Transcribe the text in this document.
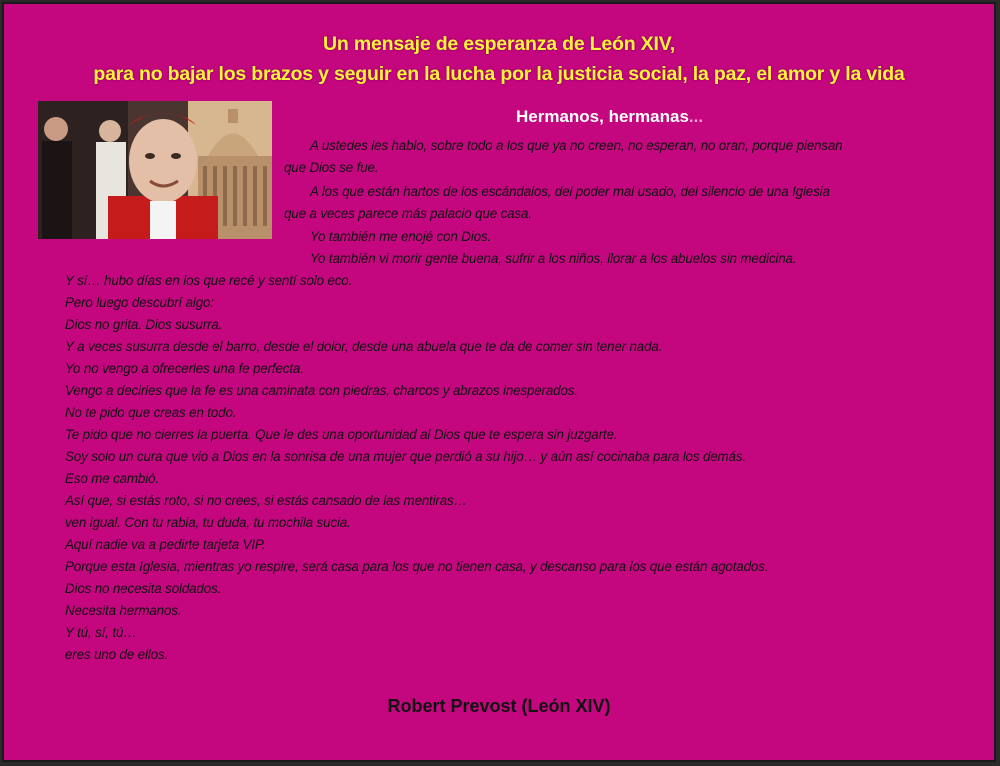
Un mensaje de esperanza de León XIV,
para no bajar los brazos y seguir en la lucha por la justicia social, la paz, el amor y la vida
Hermanos, hermanas...
A ustedes les hablo, sobre todo a los que ya no creen, no esperan, no oran, porque piensan
que Dios se fue.
A los que están hartos de los escándalos, del poder mal usado, del silencio de una Iglesia
que a veces parece más palacio que casa.
Yo también me enojé con Dios.
Yo también vi morir gente buena, sufrir a los niños, llorar a los abuelos sin medicina.
Y sí… hubo días en los que recé y sentí solo eco.
Pero luego descubrí algo:
Dios no grita. Dios susurra.
Y a veces susurra desde el barro, desde el dolor, desde una abuela que te da de comer sin tener nada.
Yo no vengo a ofrecerles una fe perfecta.
Vengo a decirles que la fe es una caminata con piedras, charcos y abrazos inesperados.
No te pido que creas en todo.
Te pido que no cierres la puerta. Que le des una oportunidad al Dios que te espera sin juzgarte.
Soy solo un cura que vio a Dios en la sonrisa de una mujer que perdió a su hijo… y aún así cocinaba para los demás.
Eso me cambió.
Así que, si estás roto, si no crees, si estás cansado de las mentiras…
ven igual. Con tu rabia, tu duda, tu mochila sucia.
Aquí nadie va a pedirte tarjeta VIP.
Porque esta Iglesia, mientras yo respire, será casa para los que no tienen casa, y descanso para los que están agotados.
Dios no necesita soldados.
Necesita hermanos.
Y tú, sí, tú…
eres uno de ellos.
Robert Prevost (León XIV)
